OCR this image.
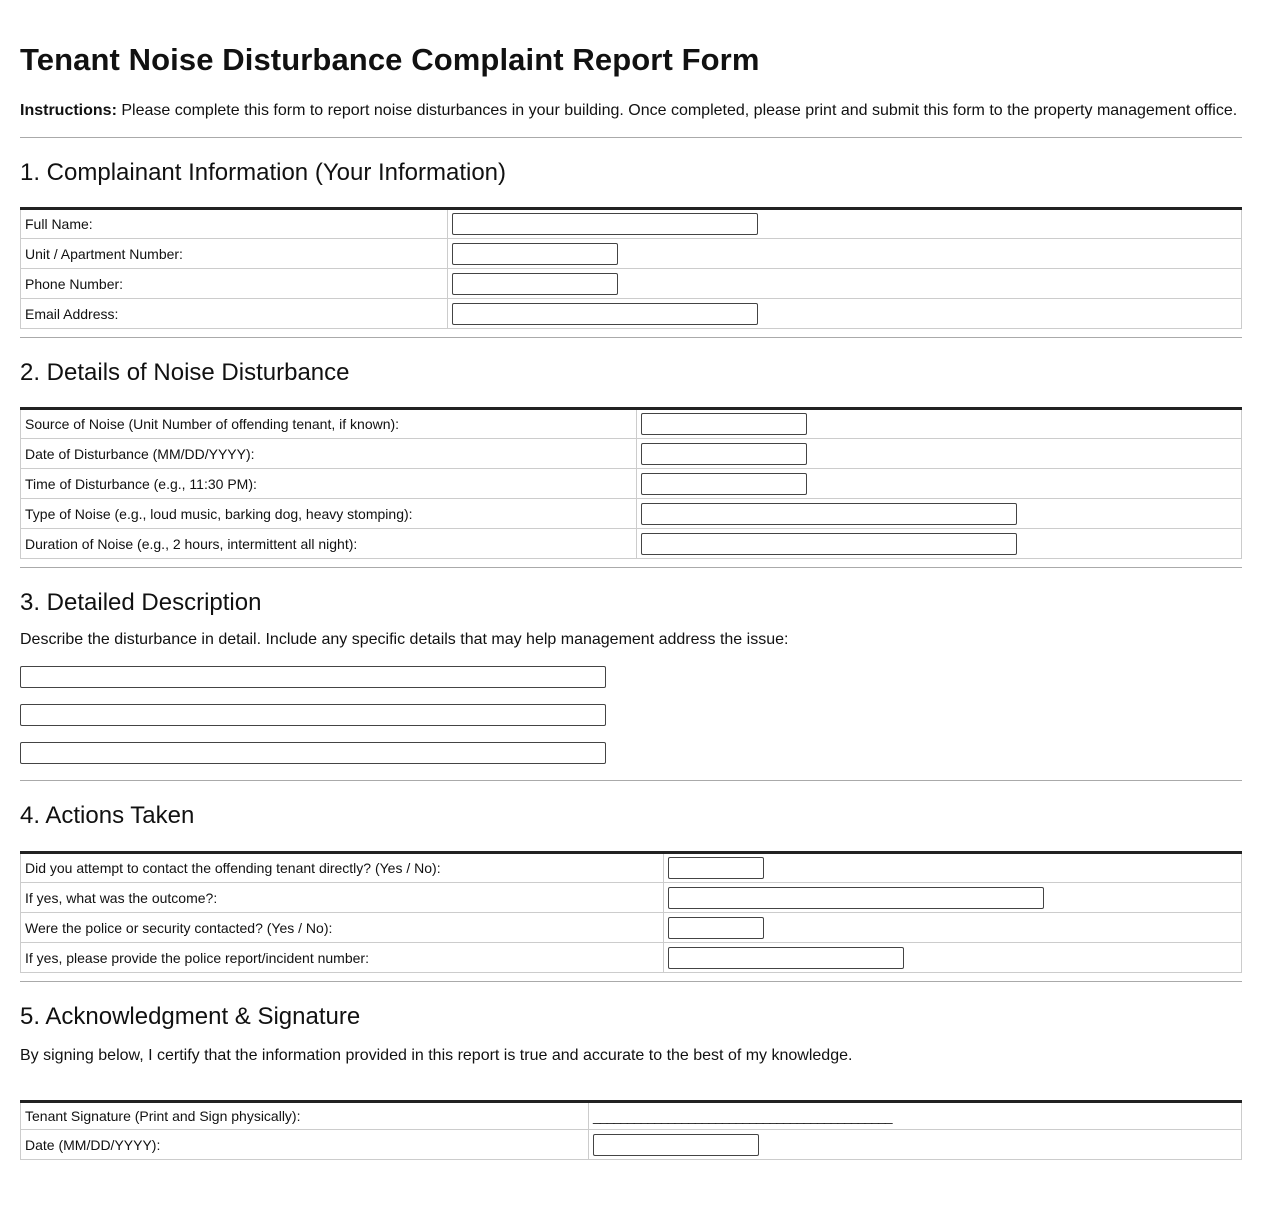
Tenant Noise Disturbance Complaint Report Form

Instructions: Please complete this form to report noise disturbances in your building. Once completed, please print and submit this form to the property management office.

1. Complainant Information (Your Information)
Full Name:	

Unit / Apartment Number:	

Phone Number:	

Email Address:	
2. Details of Noise Disturbance
Source of Noise (Unit Number of offending tenant, if known):	

Date of Disturbance (MM/DD/YYYY):	

Time of Disturbance (e.g., 11:30 PM):	

Type of Noise (e.g., loud music, barking dog, heavy stomping):	

Duration of Noise (e.g., 2 hours, intermittent all night):	
3. Detailed Description

Describe the disturbance in detail. Include any specific details that may help management address the issue:

4. Actions Taken
Did you attempt to contact the offending tenant directly? (Yes / No):	

If yes, what was the outcome?:	

Were the police or security contacted? (Yes / No):	

If yes, please provide the police report/incident number:	
5. Acknowledgment & Signature

By signing below, I certify that the information provided in this report is true and accurate to the best of my knowledge.

Tenant Signature (Print and Sign physically):	____________________________________________
Date (MM/DD/YYYY):	
